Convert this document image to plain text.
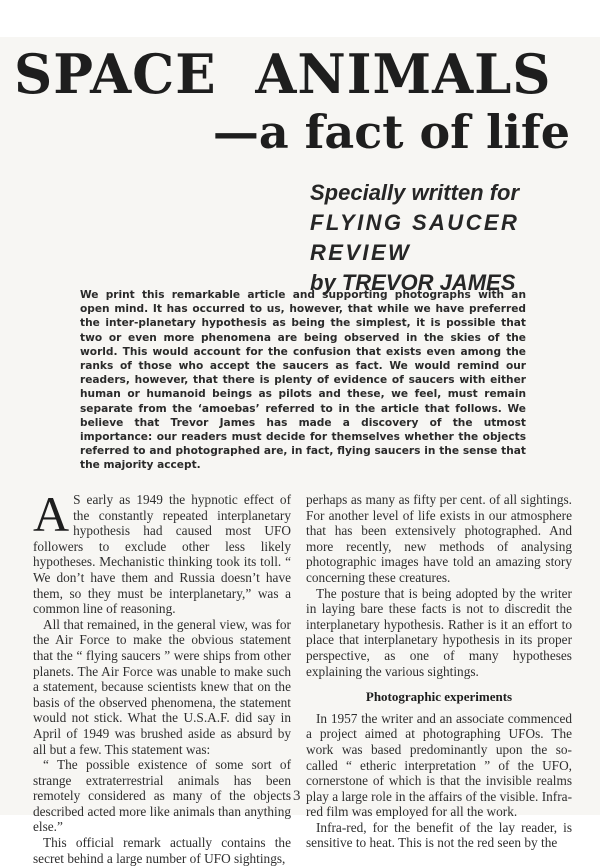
SPACE  ANIMALS
—a fact of life
Specially written for
FLYING SAUCER REVIEW
by TREVOR JAMES

We print this remarkable article and supporting photographs with an open mind. It has occurred to us, however, that while we have preferred the inter-planetary hypothesis as being the simplest, it is possible that two or even more phenomena are being observed in the skies of the world. This would account for the confusion that exists even among the ranks of those who accept the saucers as fact. We would remind our readers, however, that there is plenty of evidence of saucers with either human or humanoid beings as pilots and these, we feel, must remain separate from the ‘amoebas’ referred to in the article that follows. We believe that Trevor James has made a discovery of the utmost importance: our readers must decide for themselves whether the objects referred to and photographed are, in fact, flying saucers in the sense that the majority accept.

A S early as 1949 the hypnotic effect of the constantly repeated interplanetary hypothesis had caused most UFO followers to exclude other less likely hypotheses. Mechanistic thinking took its toll. “ We don’t have them and Russia doesn’t have them, so they must be interplanetary,” was a common line of reasoning.

All that remained, in the general view, was for the Air Force to make the obvious statement that the “ flying saucers ” were ships from other planets. The Air Force was unable to make such a statement, because scientists knew that on the basis of the observed phenomena, the statement would not stick. What the U.S.A.F. did say in April of 1949 was brushed aside as absurd by all but a few. This statement was:

“ The possible existence of some sort of strange extraterrestrial animals has been remotely considered as many of the objects described acted more like animals than anything else.”

This official remark actually contains the secret behind a large number of UFO sightings,

perhaps as many as fifty per cent. of all sightings. For another level of life exists in our atmosphere that has been extensively photographed. And more recently, new methods of analysing photographic images have told an amazing story concerning these creatures.

The posture that is being adopted by the writer in laying bare these facts is not to discredit the interplanetary hypothesis. Rather is it an effort to place that interplanetary hypothesis in its proper perspective, as one of many hypotheses explaining the various sightings.

Photographic experiments

In 1957 the writer and an associate commenced a project aimed at photographing UFOs. The work was based predominantly upon the so-called “ etheric interpretation ” of the UFO, cornerstone of which is that the invisible realms play a large role in the affairs of the visible. Infra-red film was employed for all the work.

Infra-red, for the benefit of the lay reader, is sensitive to heat. This is not the red seen by the

3
